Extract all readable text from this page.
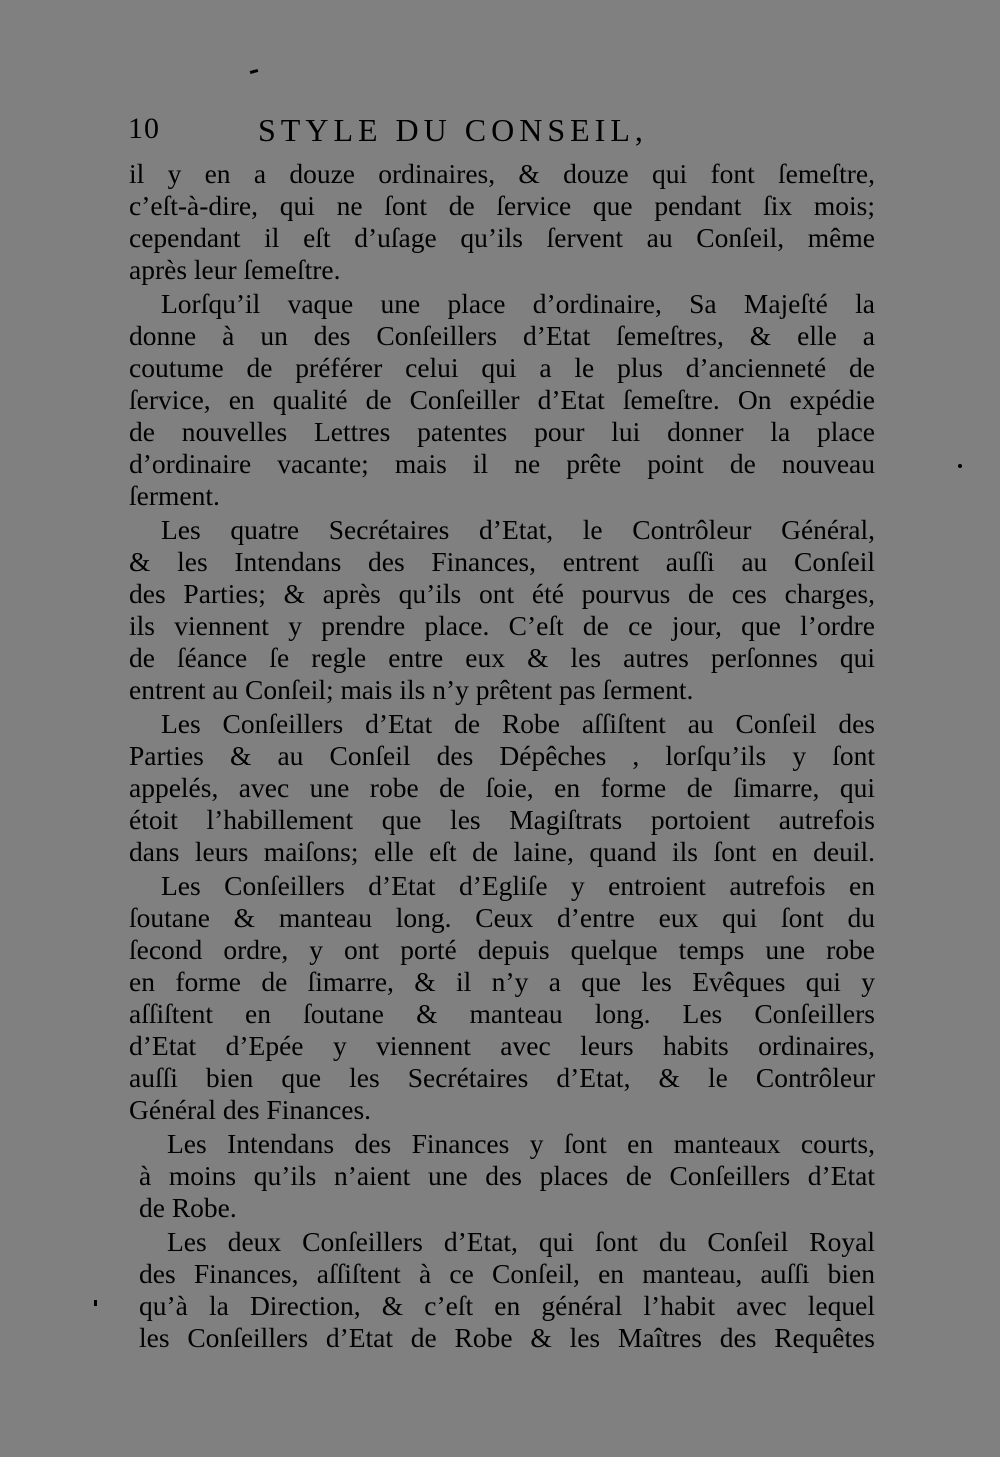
10	STYLE DU CONSEIL,
il y en a douze ordinaires, & douze qui font ſemeſtre,
c’eſt-à-dire, qui ne ſont de ſervice que pendant ſix mois;
cependant il eſt d’uſage qu’ils ſervent au Conſeil, même
après leur ſemeſtre.
Lorſqu’il vaque une place d’ordinaire, Sa Majeſté la
donne à un des Conſeillers d’Etat ſemeſtres, & elle a
coutume de préférer celui qui a le plus d’ancienneté de
ſervice, en qualité de Conſeiller d’Etat ſemeſtre. On expédie
de nouvelles Lettres patentes pour lui donner la place
d’ordinaire vacante; mais il ne prête point de nouveau
ſerment.
Les quatre Secrétaires d’Etat, le Contrôleur Général,
& les Intendans des Finances, entrent auſſi au Conſeil
des Parties; & après qu’ils ont été pourvus de ces charges,
ils viennent y prendre place. C’eſt de ce jour, que l’ordre
de ſéance ſe regle entre eux & les autres perſonnes qui
entrent au Conſeil; mais ils n’y prêtent pas ſerment.
Les Conſeillers d’Etat de Robe aſſiſtent au Conſeil des
Parties & au Conſeil des Dépêches , lorſqu’ils y ſont
appelés, avec une robe de ſoie, en forme de ſimarre, qui
étoit l’habillement que les Magiſtrats portoient autrefois
dans leurs maiſons; elle eſt de laine, quand ils ſont en deuil.
Les Conſeillers d’Etat d’Egliſe y entroient autrefois en
ſoutane & manteau long. Ceux d’entre eux qui ſont du
ſecond ordre, y ont porté depuis quelque temps une robe
en forme de ſimarre, & il n’y a que les Evêques qui y
aſſiſtent en ſoutane & manteau long. Les Conſeillers
d’Etat d’Epée y viennent avec leurs habits ordinaires,
auſſi bien que les Secrétaires d’Etat, & le Contrôleur
Général des Finances.
Les Intendans des Finances y ſont en manteaux courts,
à moins qu’ils n’aient une des places de Conſeillers d’Etat
de Robe.
Les deux Conſeillers d’Etat, qui ſont du Conſeil Royal
des Finances, aſſiſtent à ce Conſeil, en manteau, auſſi bien
qu’à la Direction, & c’eſt en général l’habit avec lequel
les Conſeillers d’Etat de Robe & les Maîtres des Requêtes
